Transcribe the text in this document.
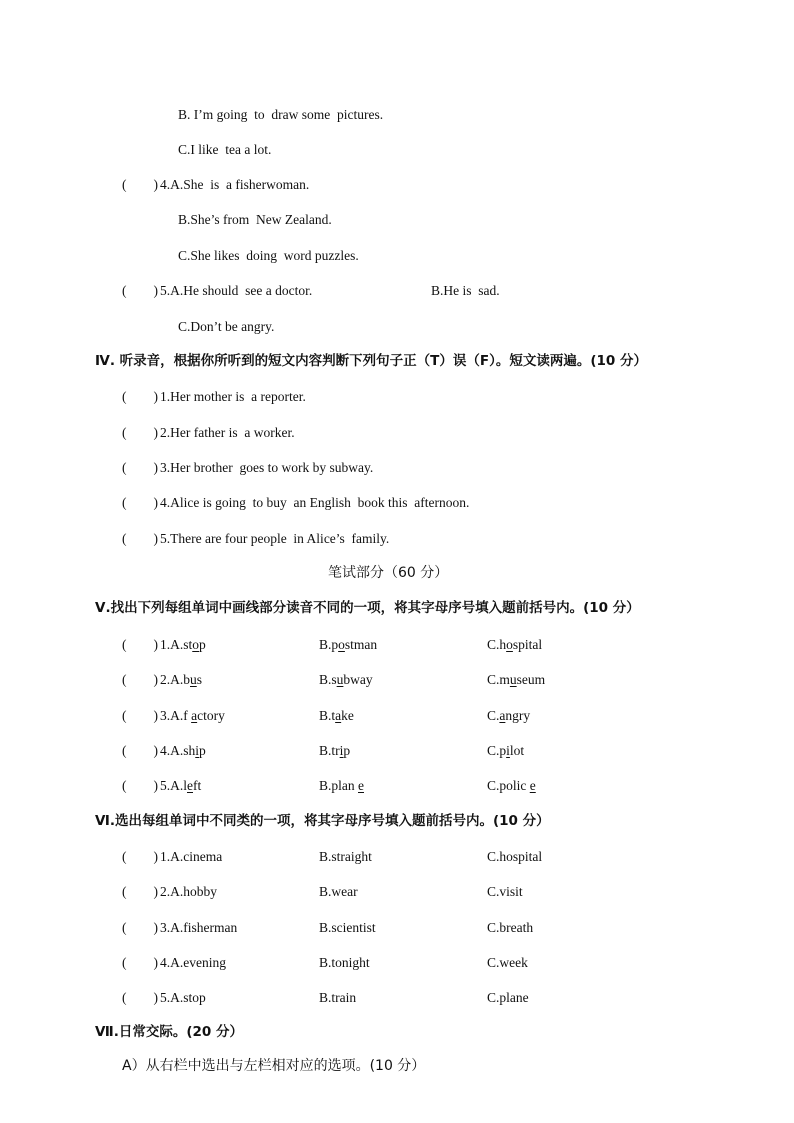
B. I’m going  to  draw some  pictures.
C.I like  tea a lot.
(        ) 4.A.She  is  a fisherwoman.
B.She’s from  New Zealand.
C.She likes  doing  word puzzles.
(        ) 5.A.He should  see a doctor.	B.He is  sad.
C.Don’t be angry.
Ⅳ. 听录音，根据你所听到的短文内容判断下列句子正（T）误（F）。短文读两遍。(10 分）
(        ) 1.Her mother is  a reporter.
(        ) 2.Her father is  a worker.
(        ) 3.Her brother  goes to work by subway.
(        ) 4.Alice is going  to buy  an English  book this  afternoon.
(        ) 5.There are four people  in Alice’s  family.
笔试部分（60 分）
Ⅴ.找出下列每组单词中画线部分读音不同的一项，将其字母序号填入题前括号内。(10 分）
(        ) 1.A.stop	B.postman	C.hospital
(        ) 2.A.bus	B.subway	C.museum
(        ) 3.A.f actory	B.take	C.angry
(        ) 4.A.ship	B.trip	C.pilot
(        ) 5.A.left	B.plan e	C.polic e
Ⅵ.选出每组单词中不同类的一项，将其字母序号填入题前括号内。(10 分）
(        ) 1.A.cinema	B.straight	C.hospital
(        ) 2.A.hobby	B.wear	C.visit
(        ) 3.A.fisherman	B.scientist	C.breath
(        ) 4.A.evening	B.tonight	C.week
(        ) 5.A.stop	B.train	C.plane
Ⅶ.日常交际。(20 分）
A）从右栏中选出与左栏相对应的选项。(10 分）
